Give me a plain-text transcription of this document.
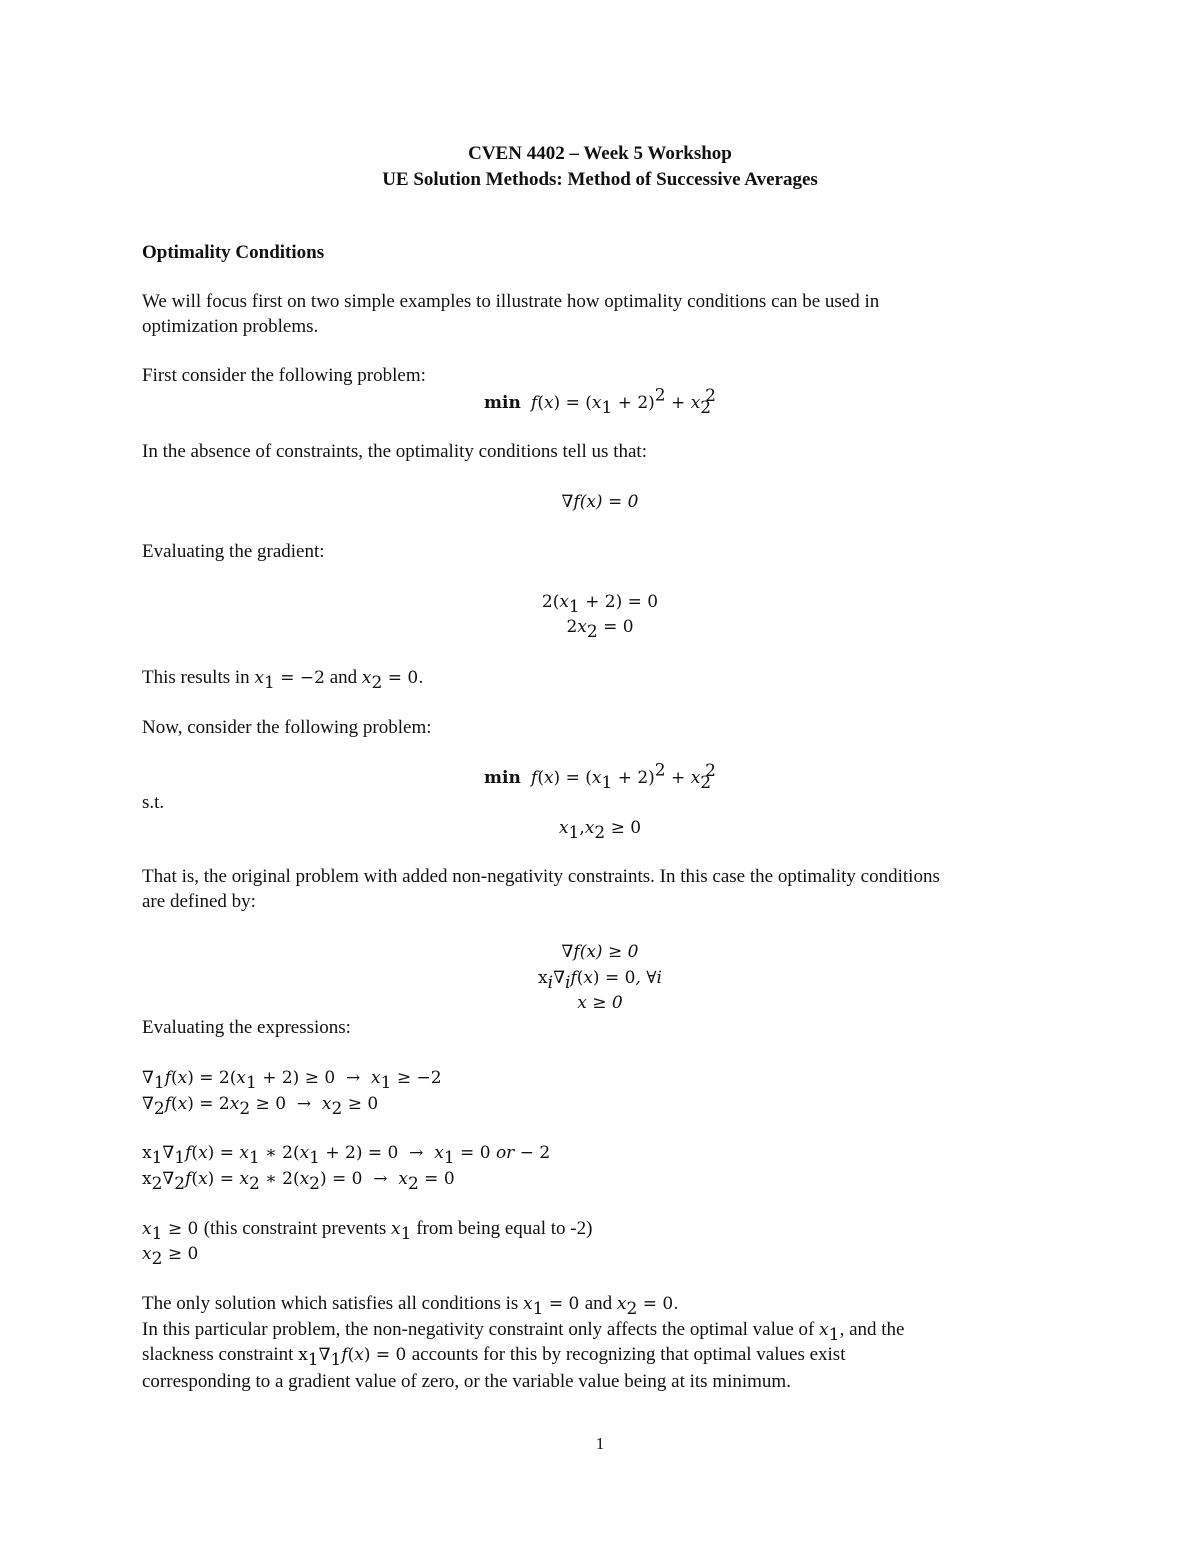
CVEN 4402 – Week 5 Workshop
UE Solution Methods: Method of Successive Averages
Optimality Conditions
We will focus first on two simple examples to illustrate how optimality conditions can be used in
optimization problems.
First consider the following problem:
$\min f(x) = (x_1 + 2)^2 + x_2^2$
In the absence of constraints, the optimality conditions tell us that:
∇f(x) = 0
Evaluating the gradient:
$2(x_1 + 2) = 0$
$2x_2 = 0$
This results in $x_1 = -2$ and $x_2 = 0$.
Now, consider the following problem:
$\min f(x) = (x_1 + 2)^2 + x_2^2$
s.t.
$x_1,x_2 \ge 0$
That is, the original problem with added non-negativity constraints. In this case the optimality conditions
are defined by:
∇f(x) ≥ 0
$x_i\nabla_if(x) = 0$, ∀i
x ≥ 0
Evaluating the expressions:
$\nabla_1f(x) = 2(x_1 + 2) \ge 0 \to x_1 \ge -2$
$\nabla_2f(x) = 2x_2 \ge 0 \to x_2 \ge 0$
$x_1\nabla_1f(x) = x_1$ ∗ $2(x_1 + 2) = 0 \to x_1 = 0$ or − 2
$x_2\nabla_2f(x) = x_2$ ∗ $2(x_2) = 0 \to x_2 = 0$
$x_1 \ge 0$ (this constraint prevents $x_1$ from being equal to -2)
$x_2 \ge 0$
The only solution which satisfies all conditions is $x_1 = 0$ and $x_2 = 0$.
In this particular problem, the non-negativity constraint only affects the optimal value of $x_1$, and the
slackness constraint $x_1\nabla_1f(x) = 0$ accounts for this by recognizing that optimal values exist
corresponding to a gradient value of zero, or the variable value being at its minimum.
1
